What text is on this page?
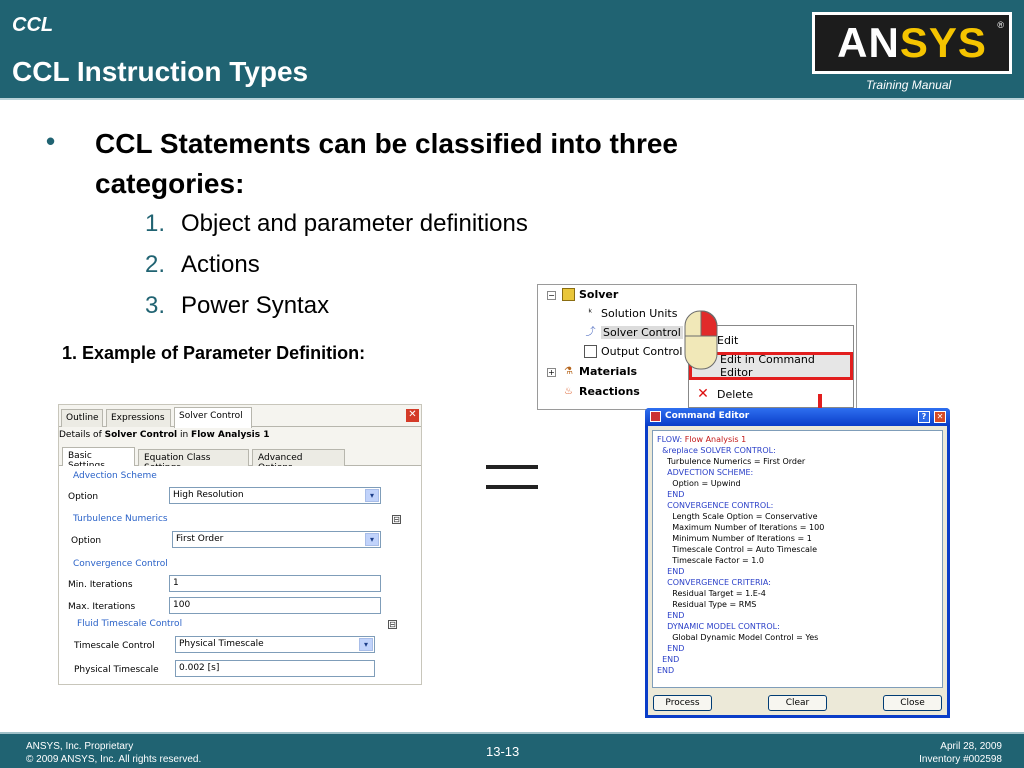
CCL
CCL Instruction Types
ANSYS ®
Training Manual
• CCL Statements can be classified into three categories:
1. Object and parameter definitions
2. Actions
3. Power Syntax
1. Example of Parameter Definition:
Outline	Expressions	Solver Control	✕
Details of Solver Control in Flow Analysis 1
Basic	Equation Class	Advanced
Advection Scheme
Option	High Resolution	▾
Turbulence Numerics	⊟
Option	First Order	▾
Convergence Control
Min. Iterations	1
Max. Iterations	100
Fluid Timescale Control	⊟
Timescale Control	Physical Timescale	▾
Physical Timescale	0.002 [s]
− Solver
ᵏ Solution Units
⤴ Solver Control
Output Control
+ ⚗ Materials
♨ Reactions
Edit
Edit in Command Editor
✕ Delete
Command Editor	?	✕
FLOW: Flow Analysis 1
&replace SOLVER CONTROL:
Turbulence Numerics = First Order
ADVECTION SCHEME:
Option = Upwind
END
CONVERGENCE CONTROL:
Length Scale Option = Conservative
Maximum Number of Iterations = 100
Minimum Number of Iterations = 1
Timescale Control = Auto Timescale
Timescale Factor = 1.0
END
CONVERGENCE CRITERIA:
Residual Target = 1.E-4
Residual Type = RMS
END
DYNAMIC MODEL CONTROL:
Global Dynamic Model Control = Yes
END
END
END
Process	Clear	Close
ANSYS, Inc. Proprietary
© 2009 ANSYS, Inc. All rights reserved.
13-13	April 28, 2009
Inventory #002598
